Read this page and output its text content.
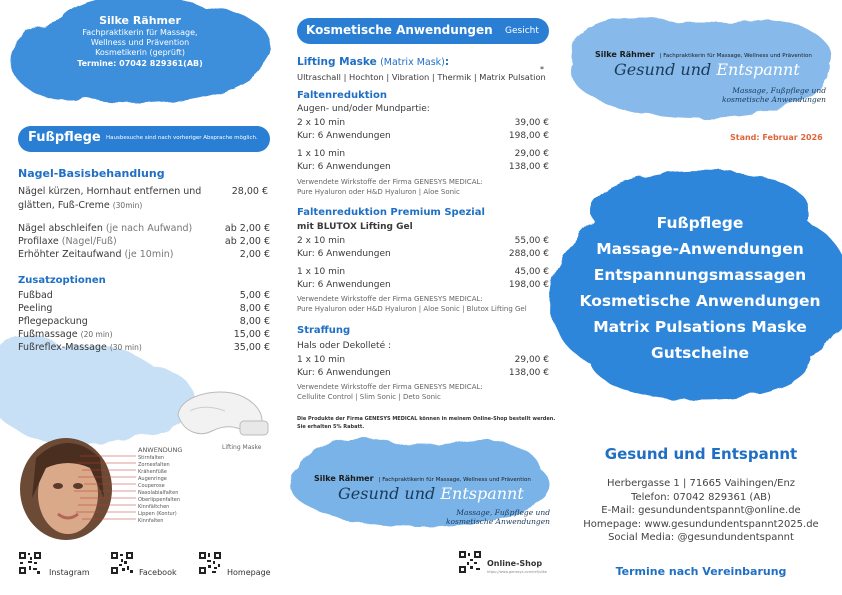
Silke Rähmer
Fachpraktikerin für Massage,
Wellness und Prävention
Kosmetikerin (geprüft)
Termine: 07042 829361(AB)
Fußpflege Hausbesuche sind nach vorheriger Absprache möglich.
Nagel-Basisbehandlung
Nägel kürzen, Hornhaut entfernen und	28,00 €
glätten, Fuß-Creme (30min)
Nägel abschleifen (je nach Aufwand)	ab 2,00 €
Profilaxe (Nagel/Fuß)	ab 2,00 €
Erhöhter Zeitaufwand (je 10min)	2,00 €
Zusatzoptionen
Fußbad	5,00 €
Peeling	8,00 €
Pflegepackung	8,00 €
Fußmassage (20 min)	15,00 €
Fußreflex-Massage (30 min)	35,00 €
Lifting Maske
ANWENDUNG
Stirnfalten
Zornesfalten
Krähenfüße
Augenringe
Couperose
Nasolabialfalten
Oberlippenfalten
Kinnfältchen
Lippen (Kontur)
Kinnfalten
Instagram	Facebook	Homepage
Kosmetische Anwendungen Gesicht
Lifting Maske (Matrix Mask):
Ultraschall | Hochton | Vibration | Thermik | Matrix Pulsation
*
Faltenreduktion
Augen- und/oder Mundpartie:
2 x 10 min	39,00 €
Kur: 6 Anwendungen	198,00 €
1 x 10 min	29,00 €
Kur: 6 Anwendungen	138,00 €
Verwendete Wirkstoffe der Firma GENESYS MEDICAL:
Pure Hyaluron oder H&D Hyaluron | Aloe Sonic
Faltenreduktion Premium Spezial
mit BLUTOX Lifting Gel
2 x 10 min	55,00 €
Kur: 6 Anwendungen	288,00 €
1 x 10 min	45,00 €
Kur: 6 Anwendungen	198,00 €
Verwendete Wirkstoffe der Firma GENESYS MEDICAL:
Pure Hyaluron oder H&D Hyaluron | Aloe Sonic | Blutox Lifting Gel
Straffung
Hals oder Dekolleté :
1 x 10 min	29,00 €
Kur: 6 Anwendungen	138,00 €
Verwendete Wirkstoffe der Firma GENESYS MEDICAL:
Cellulite Control | Slim Sonic | Deto Sonic
Die Produkte der Firma GENESYS MEDICAL können in meinem Online-Shop bestellt werden.
Sie erhalten 5% Rabatt.
Silke Rähmer | Fachpraktikerin für Massage, Wellness und Prävention
Gesund und Entspannt
Massage, Fußpflege und
kosmetische Anwendungen
Online-Shop
https://www.genesys.com/ref/silke
Silke Rähmer | Fachpraktikerin für Massage, Wellness und Prävention
Gesund und Entspannt
Massage, Fußpflege und
kosmetische Anwendungen
Stand: Februar 2026
Fußpflege
Massage-Anwendungen
Entspannungsmassagen
Kosmetische Anwendungen
Matrix Pulsations Maske
Gutscheine
Gesund und Entspannt
Herbergasse 1 | 71665 Vaihingen/Enz
Telefon: 07042 829361 (AB)
E-Mail: gesundundentspannt@online.de
Homepage: www.gesundundentspannt2025.de
Social Media: @gesundundentspannt
Termine nach Vereinbarung
